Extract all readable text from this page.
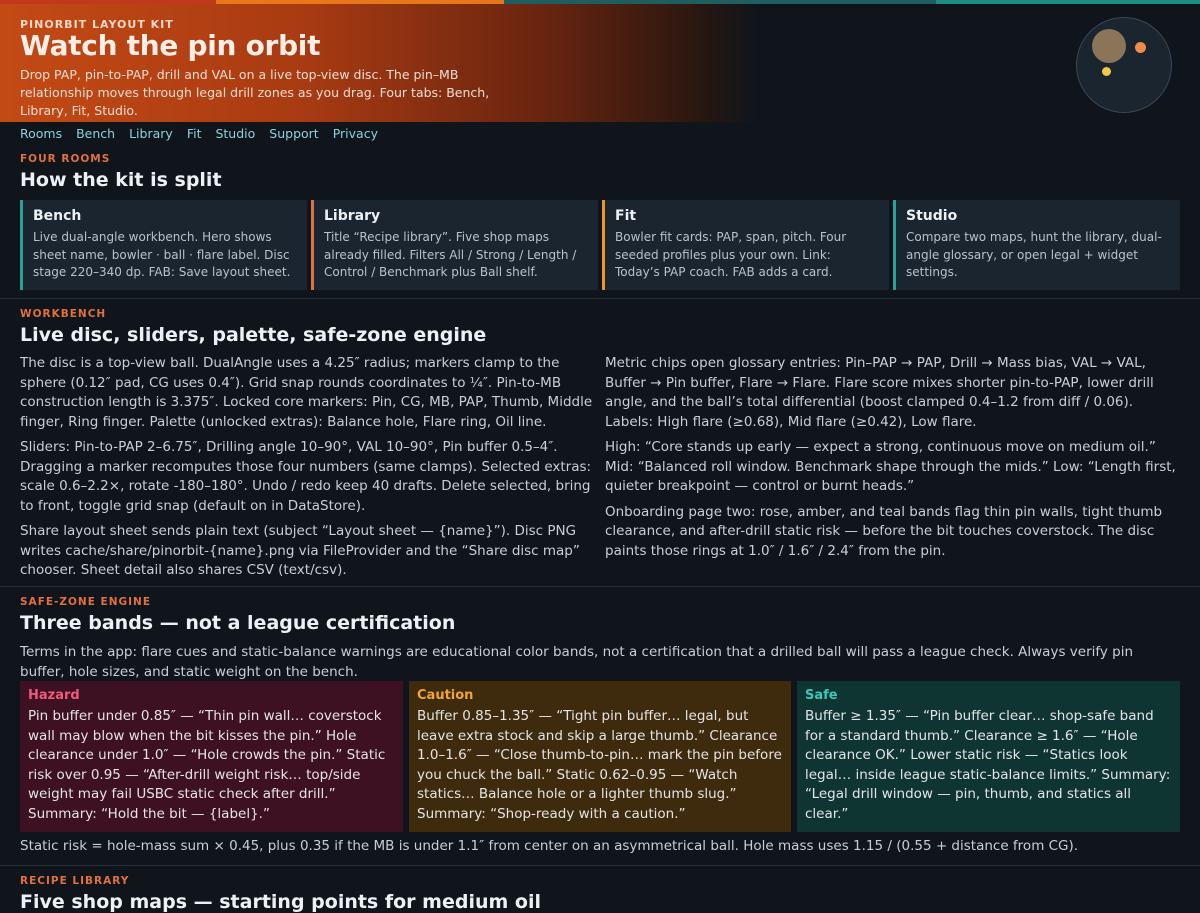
PINORBIT LAYOUT KIT
Watch the pin orbit

Drop PAP, pin-to-PAP, drill and VAL on a live top-view disc. The pin–MB relationship moves through legal drill zones as you drag. Four tabs: Bench, Library, Fit, Studio.

Rooms Bench Library Fit Studio Support Privacy
FOUR ROOMS
How the kit is split
Bench

Live dual-angle workbench. Hero shows sheet name, bowler · ball · flare label. Disc stage 220–340 dp. FAB: Save layout sheet.

Library

Title “Recipe library”. Five shop maps already filled. Filters All / Strong / Length / Control / Benchmark plus Ball shelf.

Fit

Bowler fit cards: PAP, span, pitch. Four seeded profiles plus your own. Link: Today’s PAP coach. FAB adds a card.

Studio

Compare two maps, hunt the library, dual-angle glossary, or open legal + widget settings.

WORKBENCH
Live disc, sliders, palette, safe-zone engine

The disc is a top-view ball. DualAngle uses a 4.25″ radius; markers clamp to the sphere (0.12″ pad, CG uses 0.4″). Grid snap rounds coordinates to ¼″. Pin-to-MB construction length is 3.375″. Locked core markers: Pin, CG, MB, PAP, Thumb, Middle finger, Ring finger. Palette (unlocked extras): Balance hole, Flare ring, Oil line.

Sliders: Pin-to-PAP 2–6.75″, Drilling angle 10–90°, VAL 10–90°, Pin buffer 0.5–4″. Dragging a marker recomputes those four numbers (same clamps). Selected extras: scale 0.6–2.2×, rotate -180–180°. Undo / redo keep 40 drafts. Delete selected, bring to front, toggle grid snap (default on in DataStore).

Share layout sheet sends plain text (subject “Layout sheet — {name}”). Disc PNG writes cache/share/pinorbit-{name}.png via FileProvider and the “Share disc map” chooser. Sheet detail also shares CSV (text/csv).

Metric chips open glossary entries: Pin–PAP → PAP, Drill → Mass bias, VAL → VAL, Buffer → Pin buffer, Flare → Flare. Flare score mixes shorter pin-to-PAP, lower drill angle, and the ball’s total differential (boost clamped 0.4–1.2 from diff / 0.06). Labels: High flare (≥0.68), Mid flare (≥0.42), Low flare.

High: “Core stands up early — expect a strong, continuous move on medium oil.” Mid: “Balanced roll window. Benchmark shape through the mids.” Low: “Length first, quieter breakpoint — control or burnt heads.”

Onboarding page two: rose, amber, and teal bands flag thin pin walls, tight thumb clearance, and after-drill static risk — before the bit touches coverstock. The disc paints those rings at 1.0″ / 1.6″ / 2.4″ from the pin.

SAFE-ZONE ENGINE
Three bands — not a league certification

Terms in the app: flare cues and static-balance warnings are educational color bands, not a certification that a drilled ball will pass a league check. Always verify pin buffer, hole sizes, and static weight on the bench.

Hazard

Pin buffer under 0.85″ — “Thin pin wall… coverstock wall may blow when the bit kisses the pin.” Hole clearance under 1.0″ — “Hole crowds the pin.” Static risk over 0.95 — “After-drill weight risk… top/side weight may fail USBC static check after drill.” Summary: “Hold the bit — {label}.”

Caution

Buffer 0.85–1.35″ — “Tight pin buffer… legal, but leave extra stock and skip a large thumb.” Clearance 1.0–1.6″ — “Close thumb-to-pin… mark the pin before you chuck the ball.” Static 0.62–0.95 — “Watch statics… Balance hole or a lighter thumb slug.” Summary: “Shop-ready with a caution.”

Safe

Buffer ≥ 1.35″ — “Pin buffer clear… shop-safe band for a standard thumb.” Clearance ≥ 1.6″ — “Hole clearance OK.” Lower static risk — “Statics look legal… inside league static-balance limits.” Summary: “Legal drill window — pin, thumb, and statics all clear.”

Static risk = hole-mass sum × 0.45, plus 0.35 if the MB is under 1.1″ from center on an asymmetrical ball. Hole mass uses 1.15 / (0.55 + distance from CG).

RECIPE LIBRARY
Five shop maps — starting points for medium oil
